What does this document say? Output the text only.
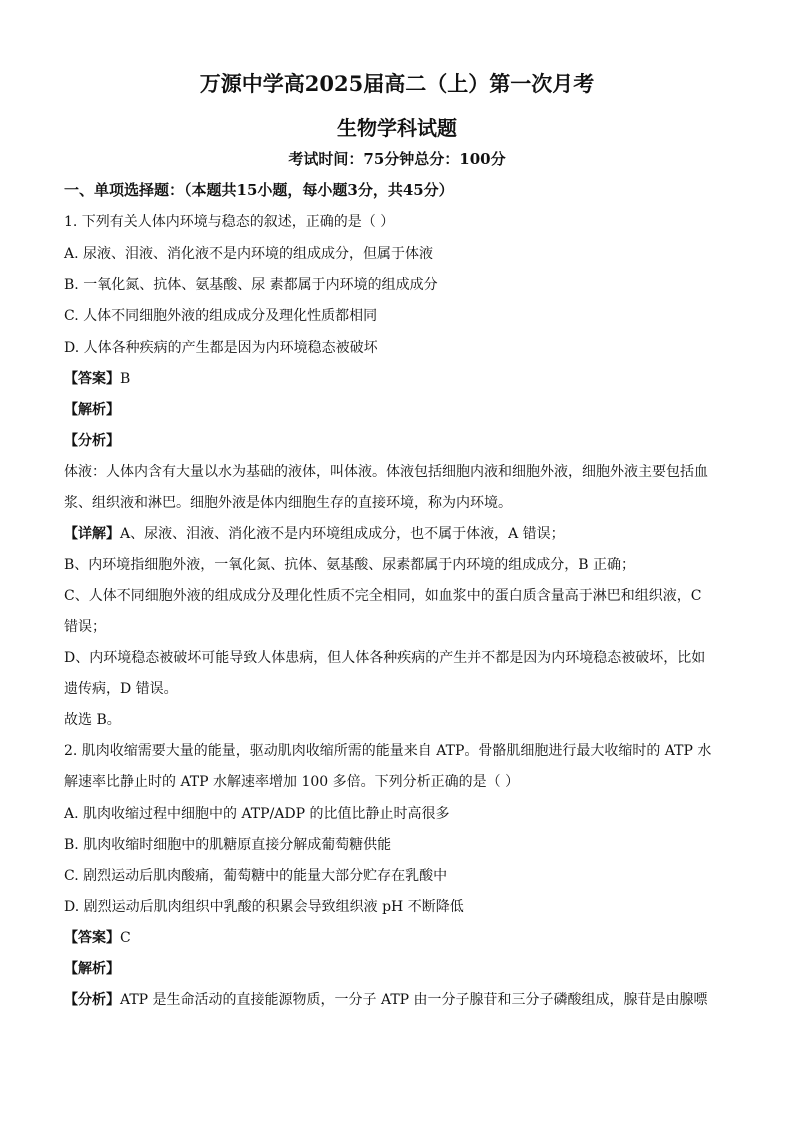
万源中学高2025届高二（上）第一次月考
生物学科试题
考试时间：75分钟总分：100分
一、单项选择题：（本题共15小题，每小题3分，共45分）
1. 下列有关人体内环境与稳态的叙述，正确的是（ ）
A. 尿液、泪液、消化液不是内环境的组成成分，但属于体液
B. 一氧化氮、抗体、氨基酸、尿 素都属于内环境的组成成分
C. 人体不同细胞外液的组成成分及理化性质都相同
D. 人体各种疾病的产生都是因为内环境稳态被破坏
【答案】B
【解析】
【分析】
体液：人体内含有大量以水为基础的液体，叫体液。体液包括细胞内液和细胞外液，细胞外液主要包括血
浆、组织液和淋巴。细胞外液是体内细胞生存的直接环境，称为内环境。
【详解】A、尿液、泪液、消化液不是内环境组成成分，也不属于体液，A 错误；
B、内环境指细胞外液，一氧化氮、抗体、氨基酸、尿素都属于内环境的组成成分，B 正确；
C、人体不同细胞外液的组成成分及理化性质不完全相同，如血浆中的蛋白质含量高于淋巴和组织液，C
错误；
D、内环境稳态被破坏可能导致人体患病，但人体各种疾病的产生并不都是因为内环境稳态被破坏，比如
遗传病，D 错误。
故选 B。
2. 肌肉收缩需要大量的能量，驱动肌肉收缩所需的能量来自 ATP。骨骼肌细胞进行最大收缩时的 ATP 水
解速率比静止时的 ATP 水解速率增加 100 多倍。下列分析正确的是（ ）
A. 肌肉收缩过程中细胞中的 ATP/ADP 的比值比静止时高很多
B. 肌肉收缩时细胞中的肌糖原直接分解成葡萄糖供能
C. 剧烈运动后肌肉酸痛，葡萄糖中的能量大部分贮存在乳酸中
D. 剧烈运动后肌肉组织中乳酸的积累会导致组织液 pH 不断降低
【答案】C
【解析】
【分析】ATP 是生命活动的直接能源物质，一分子 ATP 由一分子腺苷和三分子磷酸组成，腺苷是由腺嘌
